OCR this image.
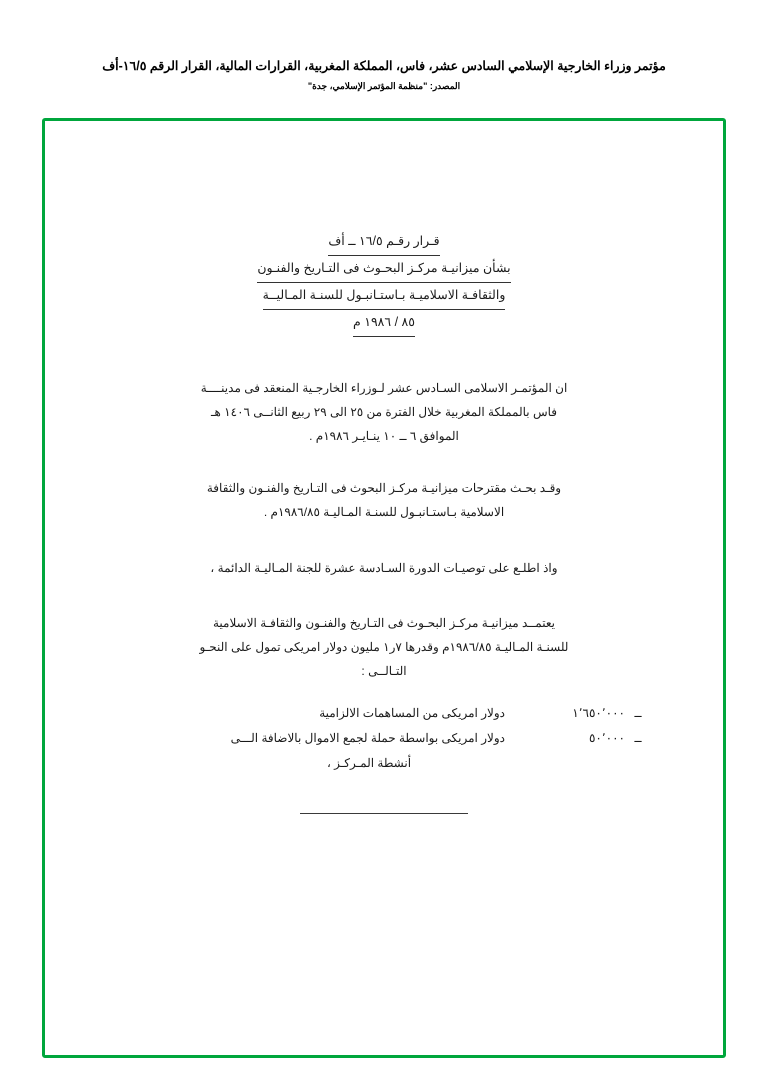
مؤتمر وزراء الخارجية الإسلامي السادس عشر، فاس، المملكة المغربية، القرارات المالية، القرار الرقم ١٦/٥-أف
المصدر: "منظمة المؤتمر الإسلامي، جدة"
قـرار رقـم ١٦/٥ ــ أف
بشأن ميزانيـة مركـز البحـوث فى التـاريخ والفنـون
والثقافـة الاسلاميـة بـاستـانبـول للسنـة المـاليــة
٨٥ / ١٩٨٦ م
ان المؤتمـر الاسلامى السـادس عشر لـوزراء الخارجـية المنعقد فى مدينــــة
فاس بالمملكة المغربية خلال الفترة من ٢٥ الى ٢٩ ربيع الثانــى ١٤٠٦ هـ
الموافق ٦ ــ ١٠ ينـايـر ١٩٨٦م .
وقـد بحـث مقترحات ميزانيـة مركـز البحوث فى التـاريخ والفنـون والثقافة
الاسلامية بـاستـانبـول للسنـة المـاليـة ١٩٨٦/٨٥م .
واذ اطلـع على توصيـات الدورة السـادسة عشرة للجنة المـاليـة الدائمة ،
يعتمــد ميزانيـة مركـز البحـوث فى التـاريخ والفنـون والثقافـة الاسلامية
للسنـة المـاليـة ١٩٨٦/٨٥م وقدرها ٧ر١ مليون دولار امريكى تمول على النحـو
التـالــى :
ــ
١٬٦٥٠٬٠٠٠
دولار امريكى من المساهمات الالزامية
ــ
٥٠٬٠٠٠
دولار امريكى بواسطة حملة لجمع الاموال بالاضافة الـــى
أنشطة المـركـز ،
